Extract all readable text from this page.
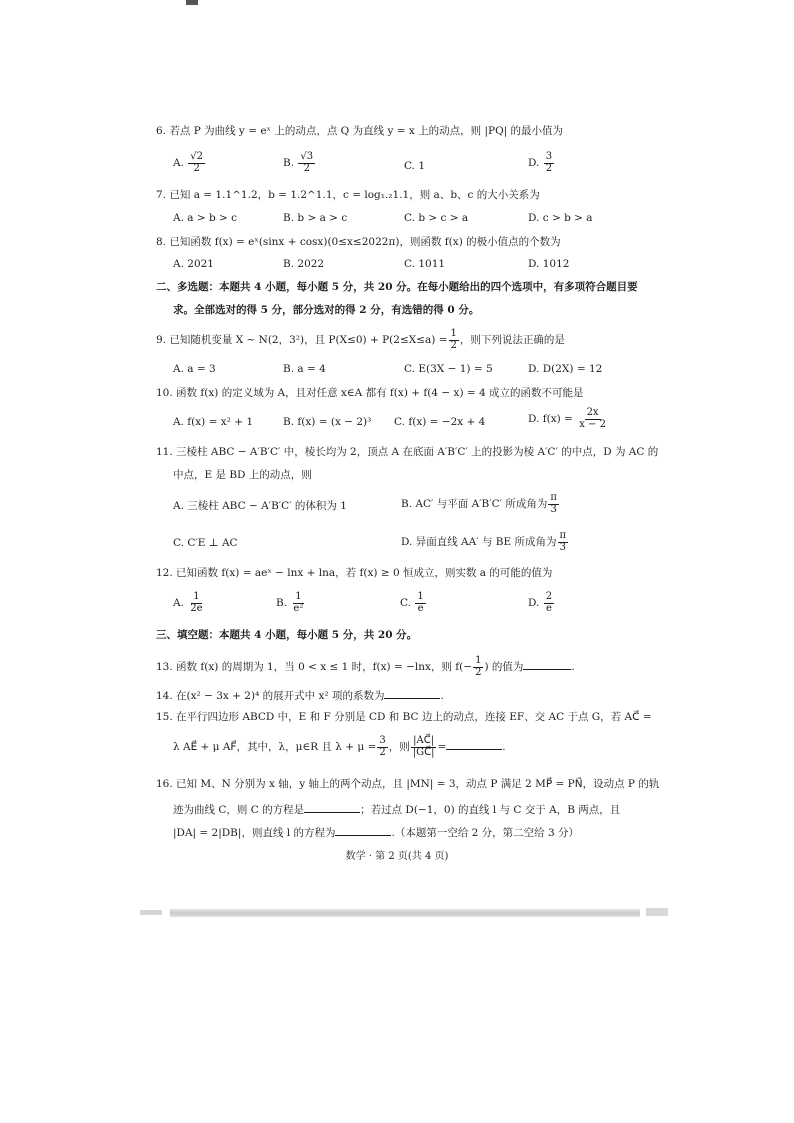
6. 若点 P 为曲线 y = eˣ 上的动点，点 Q 为直线 y = x 上的动点，则 |PQ| 的最小值为
A. $\frac{√2}{2}$	B. $\frac{√3}{2}$	C. 1	D. $\frac{3}{2}$
7. 已知 a = 1.1^1.2，b = 1.2^1.1，c = log₁.₂1.1，则 a、b、c 的大小关系为
A. a > b > c	B. b > a > c	C. b > c > a	D. c > b > a
8. 已知函数 f(x) = eˣ(sinx + cosx)(0≤x≤2022π)，则函数 f(x) 的极小值点的个数为
A. 2021	B. 2022	C. 1011	D. 1012
二、多选题：本题共 4 小题，每小题 5 分，共 20 分。在每小题给出的四个选项中，有多项符合题目要
求。全部选对的得 5 分，部分选对的得 2 分，有选错的得 0 分。
9. 已知随机变量 X ~ N(2，3²)，且 $P(X\le 0) + P(2\le X\le a) = \frac{1}{2}$ ，则下列说法正确的是
A. a = 3	B. a = 4	C. E(3X − 1) = 5	D. D(2X) = 12
10. 函数 f(x) 的定义域为 A，且对任意 x∈A 都有 f(x) + f(4 − x) = 4 成立的函数不可能是
A. f(x) = x² + 1	B. f(x) = (x − 2)³ C. f(x) = −2x + 4	D. $f(x) = \frac{2x}{x - 2}$
11. 三棱柱 ABC − A′B′C′ 中，棱长均为 2，顶点 A 在底面 A′B′C′ 上的投影为棱 A′C′ 的中点，D 为 AC 的
中点，E 是 BD 上的动点，则
A. 三棱柱 ABC − A′B′C′ 的体积为 1	B. AC′ 与平面 A′B′C′ 所成角为 $\frac{\pi}{3}$
C. C′E ⊥ AC	D. 异面直线 AA′ 与 BE 所成角为 $\frac{\pi}{3}$
12. 已知函数 f(x) = aeˣ − lnx + lna，若 f(x) ≥ 0 恒成立，则实数 a 的可能的值为
A. $\frac{1}{2e}$	B. $\frac{1}{\text{e²}}$	C. $\frac{1}{e}$	D. $\frac{2}{e}$
三、填空题：本题共 4 小题，每小题 5 分，共 20 分。
13. 函数 f(x) 的周期为 1，当 0 < x ≤ 1 时，f(x) = −lnx，则 $f(- \frac{1}{2}$ ) 的值为	.
14. 在(x² − 3x + 2)⁴ 的展开式中 x² 项的系数为	.
15. 在平行四边形 ABCD 中，E 和 F 分别是 CD 和 BC 边上的动点，连接 EF、交 AC 于点 G，若 AC⃗ =
λ AE⃗ + μ AF⃗，其中，λ，μ∈R 且 $\lambda + \mu = \frac{3}{2}$ ，则 $\frac{|AC⃗|}{|GC⃗|}$ =	.
16. 已知 M、N 分别为 x 轴，y 轴上的两个动点，且 |MN| = 3，动点 P 满足 2 MP⃗ = PN⃗，设动点 P 的轨
迹为曲线 C，则 C 的方程是	；若过点 D(−1，0) 的直线 l 与 C 交于 A，B 两点，且
|DA| = 2|DB|，则直线 l 的方程为	.（本题第一空给 2 分，第二空给 3 分）
数学 · 第 2 页(共 4 页)
